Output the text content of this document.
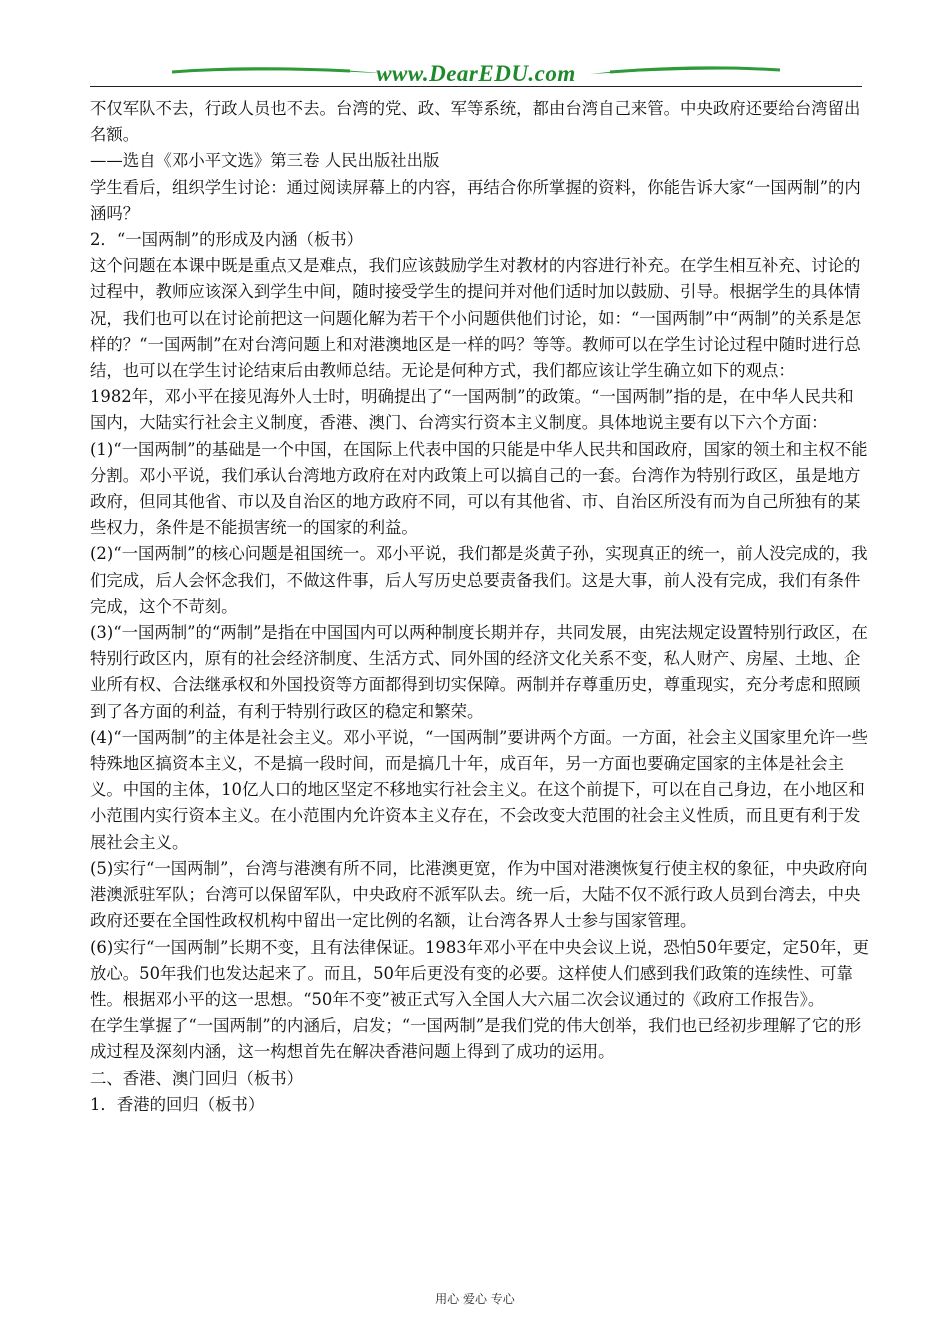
www.DearEDU.com

不仅军队不去，行政人员也不去。台湾的党、政、军等系统，都由台湾自己来管。中央政府还要给台湾留出名额。

——选自《邓小平文选》第三卷 人民出版社出版

学生看后，组织学生讨论：通过阅读屏幕上的内容，再结合你所掌握的资料，你能告诉大家“一国两制”的内涵吗？

2．“一国两制”的形成及内涵（板书）

这个问题在本课中既是重点又是难点，我们应该鼓励学生对教材的内容进行补充。在学生相互补充、讨论的过程中，教师应该深入到学生中间，随时接受学生的提问并对他们适时加以鼓励、引导。根据学生的具体情况，我们也可以在讨论前把这一问题化解为若干个小问题供他们讨论，如：“一国两制”中“两制”的关系是怎样的？“一国两制”在对台湾问题上和对港澳地区是一样的吗？等等。教师可以在学生讨论过程中随时进行总结，也可以在学生讨论结束后由教师总结。无论是何种方式，我们都应该让学生确立如下的观点：

1982年，邓小平在接见海外人士时，明确提出了“一国两制”的政策。“一国两制”指的是，在中华人民共和国内，大陆实行社会主义制度，香港、澳门、台湾实行资本主义制度。具体地说主要有以下六个方面：

(1)“一国两制”的基础是一个中国，在国际上代表中国的只能是中华人民共和国政府，国家的领土和主权不能分割。邓小平说，我们承认台湾地方政府在对内政策上可以搞自己的一套。台湾作为特别行政区，虽是地方政府，但同其他省、市以及自治区的地方政府不同，可以有其他省、市、自治区所没有而为自己所独有的某些权力，条件是不能损害统一的国家的利益。

(2)“一国两制”的核心问题是祖国统一。邓小平说，我们都是炎黄子孙，实现真正的统一，前人没完成的，我们完成，后人会怀念我们，不做这件事，后人写历史总要责备我们。这是大事，前人没有完成，我们有条件完成，这个不苛刻。

(3)“一国两制”的“两制”是指在中国国内可以两种制度长期并存，共同发展，由宪法规定设置特别行政区，在特别行政区内，原有的社会经济制度、生活方式、同外国的经济文化关系不变，私人财产、房屋、土地、企业所有权、合法继承权和外国投资等方面都得到切实保障。两制并存尊重历史，尊重现实，充分考虑和照顾到了各方面的利益，有利于特别行政区的稳定和繁荣。

(4)“一国两制”的主体是社会主义。邓小平说，“一国两制”要讲两个方面。一方面，社会主义国家里允许一些特殊地区搞资本主义，不是搞一段时间，而是搞几十年，成百年，另一方面也要确定国家的主体是社会主义。中国的主体，10亿人口的地区坚定不移地实行社会主义。在这个前提下，可以在自己身边，在小地区和小范围内实行资本主义。在小范围内允许资本主义存在，不会改变大范围的社会主义性质，而且更有利于发展社会主义。

(5)实行“一国两制”，台湾与港澳有所不同，比港澳更宽，作为中国对港澳恢复行使主权的象征，中央政府向港澳派驻军队；台湾可以保留军队，中央政府不派军队去。统一后，大陆不仅不派行政人员到台湾去，中央政府还要在全国性政权机构中留出一定比例的名额，让台湾各界人士参与国家管理。

(6)实行“一国两制”长期不变，且有法律保证。1983年邓小平在中央会议上说，恐怕50年要定，定50年，更放心。50年我们也发达起来了。而且，50年后更没有变的必要。这样使人们感到我们政策的连续性、可靠性。根据邓小平的这一思想。“50年不变”被正式写入全国人大六届二次会议通过的《政府工作报告》。

在学生掌握了“一国两制”的内涵后，启发；“一国两制”是我们党的伟大创举，我们也已经初步理解了它的形成过程及深刻内涵，这一构想首先在解决香港问题上得到了成功的运用。

二、香港、澳门回归（板书）

1．香港的回归（板书）

用心 爱心 专心
